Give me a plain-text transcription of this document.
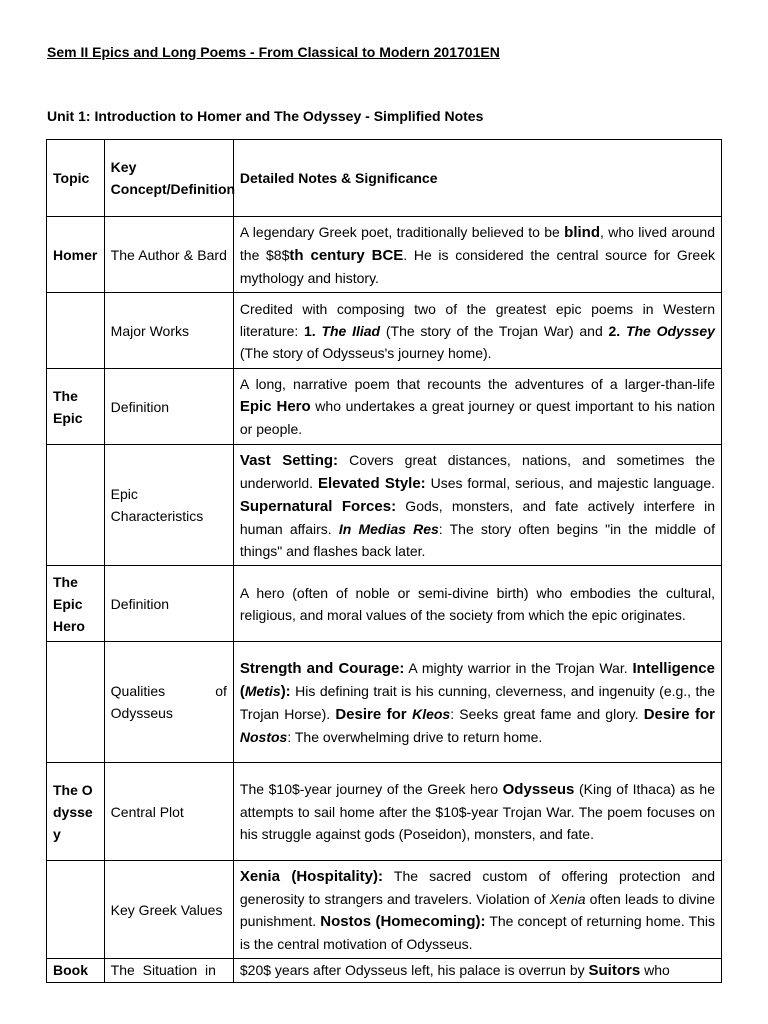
Sem II Epics and Long Poems - From Classical to Modern 201701EN
Unit 1: Introduction to Homer and The Odyssey - Simplified Notes
Topic	Key Concept/Definition	Detailed Notes & Significance
Homer	The Author & Bard	A legendary Greek poet, traditionally believed to be blind, who lived around the $8$th century BCE. He is considered the central source for Greek mythology and history.
	Major Works	Credited with composing two of the greatest epic poems in Western literature: 1. The Iliad (The story of the Trojan War) and 2. The Odyssey (The story of Odysseus's journey home).
The Epic	Definition	A long, narrative poem that recounts the adventures of a larger-than-life Epic Hero who undertakes a great journey or quest important to his nation or people.
	Epic Characteristics	Vast Setting: Covers great distances, nations, and sometimes the underworld. Elevated Style: Uses formal, serious, and majestic language. Supernatural Forces: Gods, monsters, and fate actively interfere in human affairs. In Medias Res: The story often begins "in the middle of things" and flashes back later.
The Epic Hero	Definition	A hero (often of noble or semi-divine birth) who embodies the cultural, religious, and moral values of the society from which the epic originates.
	Qualities of Odysseus	Strength and Courage: A mighty warrior in the Trojan War. Intelligence (Metis): His defining trait is his cunning, cleverness, and ingenuity (e.g., the Trojan Horse). Desire for Kleos: Seeks great fame and glory. Desire for Nostos: The overwhelming drive to return home.
The Odyssey	Central Plot	The $10$-year journey of the Greek hero Odysseus (King of Ithaca) as he attempts to sail home after the $10$-year Trojan War. The poem focuses on his struggle against gods (Poseidon), monsters, and fate.
	Key Greek Values	Xenia (Hospitality): The sacred custom of offering protection and generosity to strangers and travelers. Violation of Xenia often leads to divine punishment. Nostos (Homecoming): The concept of returning home. This is the central motivation of Odysseus.
Book	The Situation in	$20$ years after Odysseus left, his palace is overrun by Suitors who
